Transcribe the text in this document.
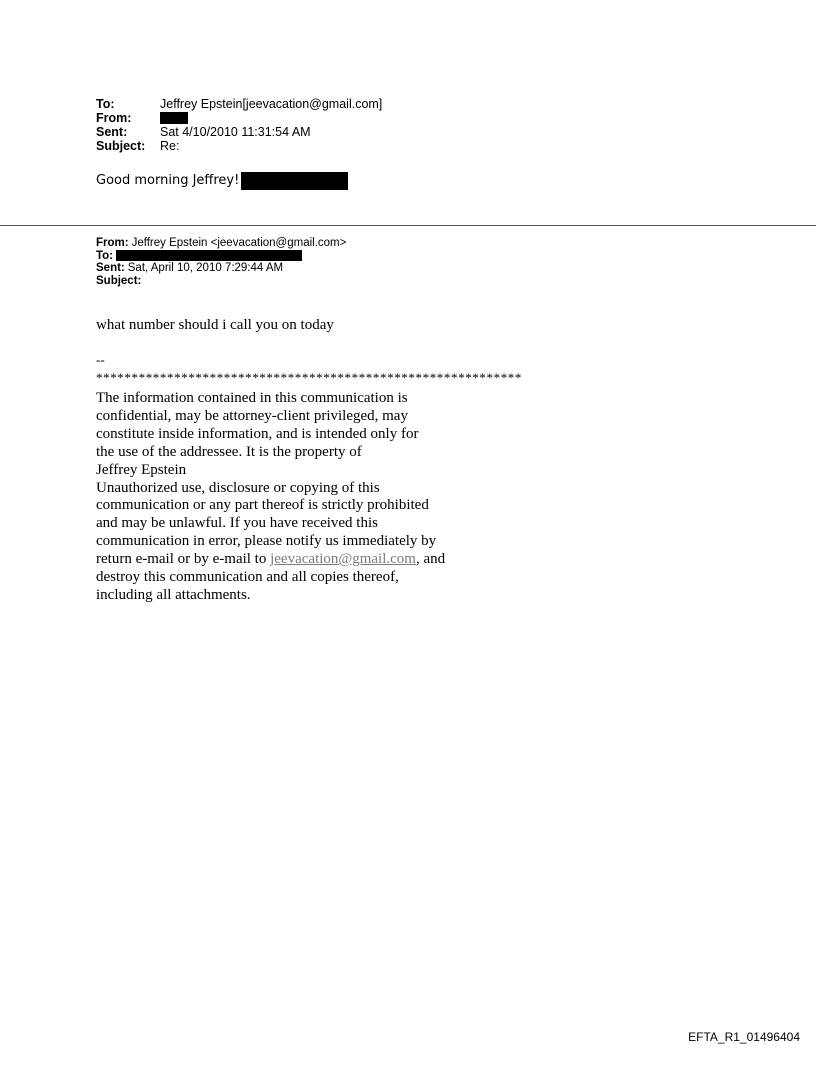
To:	Jeffrey Epstein[jeevacation@gmail.com]
From:
Sent:	Sat 4/10/2010 11:31:54 AM
Subject:	Re:
Good morning Jeffrey!
From: Jeffrey Epstein <jeevacation@gmail.com>
To:
Sent: Sat, April 10, 2010 7:29:44 AM
Subject:
what number should i call you on today
--
************************************************************
The information contained in this communication is
confidential, may be attorney-client privileged, may
constitute inside information, and is intended only for
the use of the addressee. It is the property of
Jeffrey Epstein
Unauthorized use, disclosure or copying of this
communication or any part thereof is strictly prohibited
and may be unlawful. If you have received this
communication in error, please notify us immediately by
return e-mail or by e-mail to jeevacation@gmail.com, and
destroy this communication and all copies thereof,
including all attachments.
EFTA_R1_01496404
